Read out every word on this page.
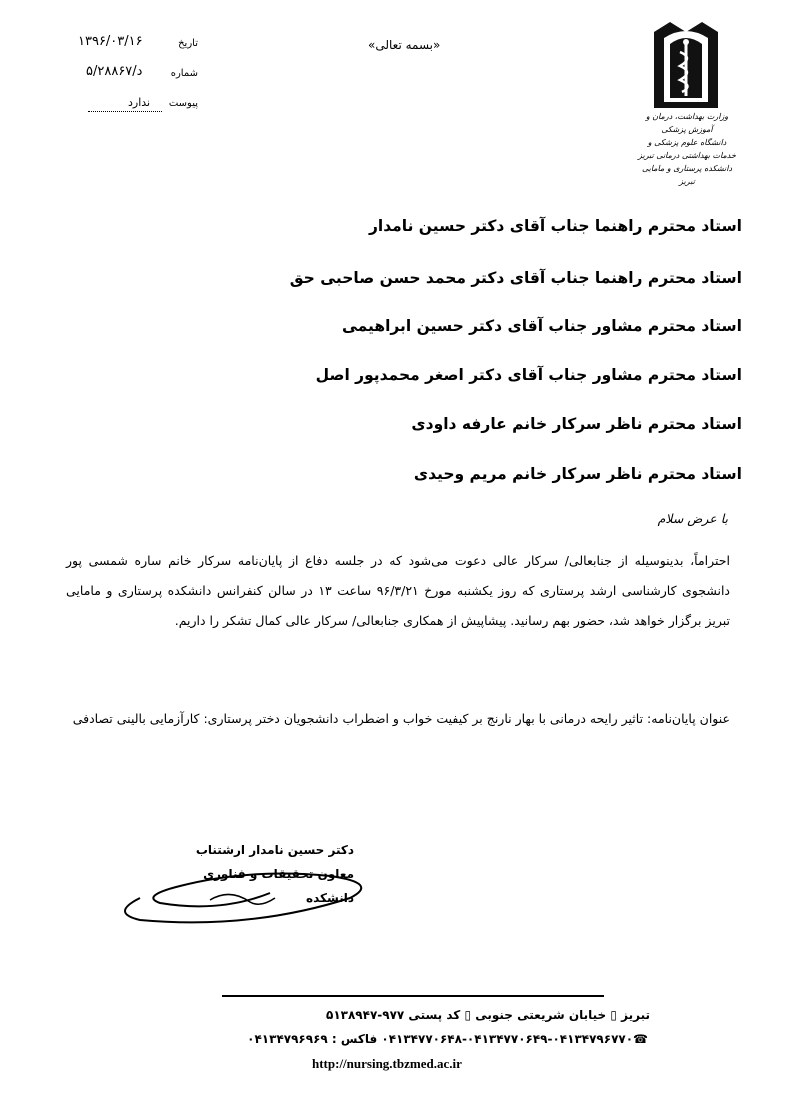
تاریخ
۱۳۹۶/۰۳/۱۶
شماره
۵/د/۲۸۸۶۷
پیوست
ندارد
«بسمه تعالی»
وزارت بهداشت، درمان و آموزش پزشکی
دانشگاه علوم پزشکی و خدمات بهداشتی درمانی تبریز
دانشکده پرستاری و مامایی تبریز
استاد محترم راهنما جناب آقای دکتر حسین نامدار
استاد محترم راهنما جناب آقای دکتر محمد حسن صاحبی حق
استاد محترم مشاور جناب آقای دکتر حسین ابراهیمی
استاد محترم مشاور جناب آقای دکتر اصغر محمدپور اصل
استاد محترم ناظر سرکار خانم عارفه داودی
استاد محترم ناظر سرکار خانم مریم وحیدی
با عرض سلام
احتراماً، بدینوسیله از جنابعالی/ سرکار عالی دعوت می‌شود که در جلسه دفاع از پایان‌نامه سرکار خانم ساره شمسی پور دانشجوی کارشناسی ارشد پرستاری که روز یکشنبه مورخ ۹۶/۳/۲۱ ساعت ۱۳ در سالن کنفرانس دانشکده پرستاری و مامایی تبریز برگزار خواهد شد، حضور بهم رسانید. پیشاپیش از همکاری جنابعالی/ سرکار عالی کمال تشکر را داریم.
عنوان پایان‌نامه: تاثیر رایحه درمانی با بهار نارنج بر کیفیت خواب و اضطراب دانشجویان دختر پرستاری: کارآزمایی بالینی تصادفی
دکتر حسین نامدار ارشتناب
معاون تحقیقات و فناوری دانشکده
تبریز ▯ خیابان شریعتی جنوبی ▯ کد پستی ۹۷۷-۵۱۳۸۹۴۷
☎۰۴۱۳۴۷۷۰۶۴۸-۰۴۱۳۴۷۷۰۶۴۹-۰۴۱۳۴۷۹۶۷۷۰ فاکس : ۰۴۱۳۴۷۹۶۹۶۹
http://nursing.tbzmed.ac.ir
